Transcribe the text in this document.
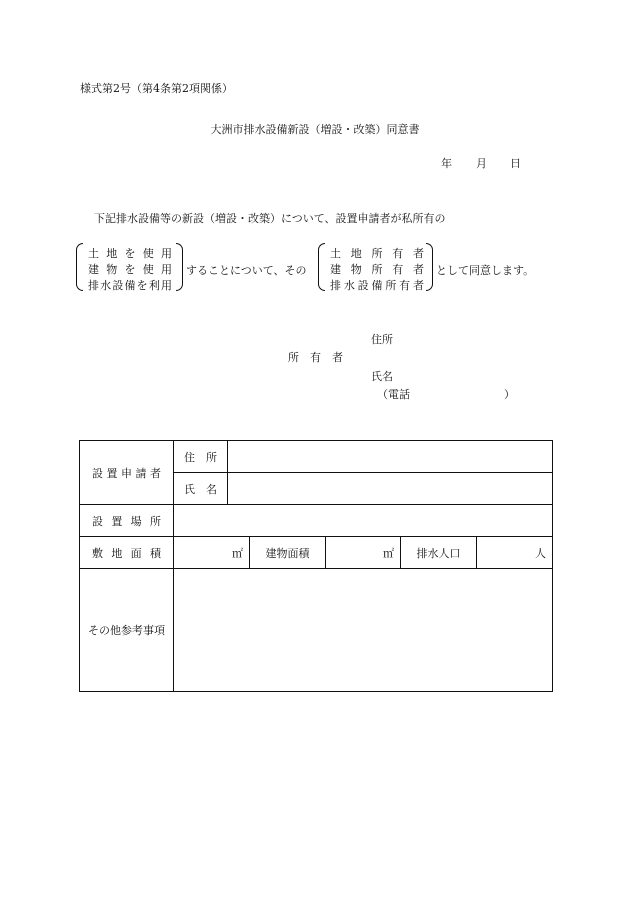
様式第2号（第4条第2項関係）
大洲市排水設備新設（増設・改築）同意書
年 月 日
下記排水設備等の新設（増設・改築）について、設置申請者が私所有の
土地を使用
建物を使用
排水設備を利用
することについて、その
土地所有者
建物所有者
排水設備所有者
として同意します。
住所
所　有　者
氏名
（電話	）
設置申請者	住　所					
	氏　名					
設置場所						
敷地面積	㎡		建物面積	㎡	排水人口	人
その他参考事項						
